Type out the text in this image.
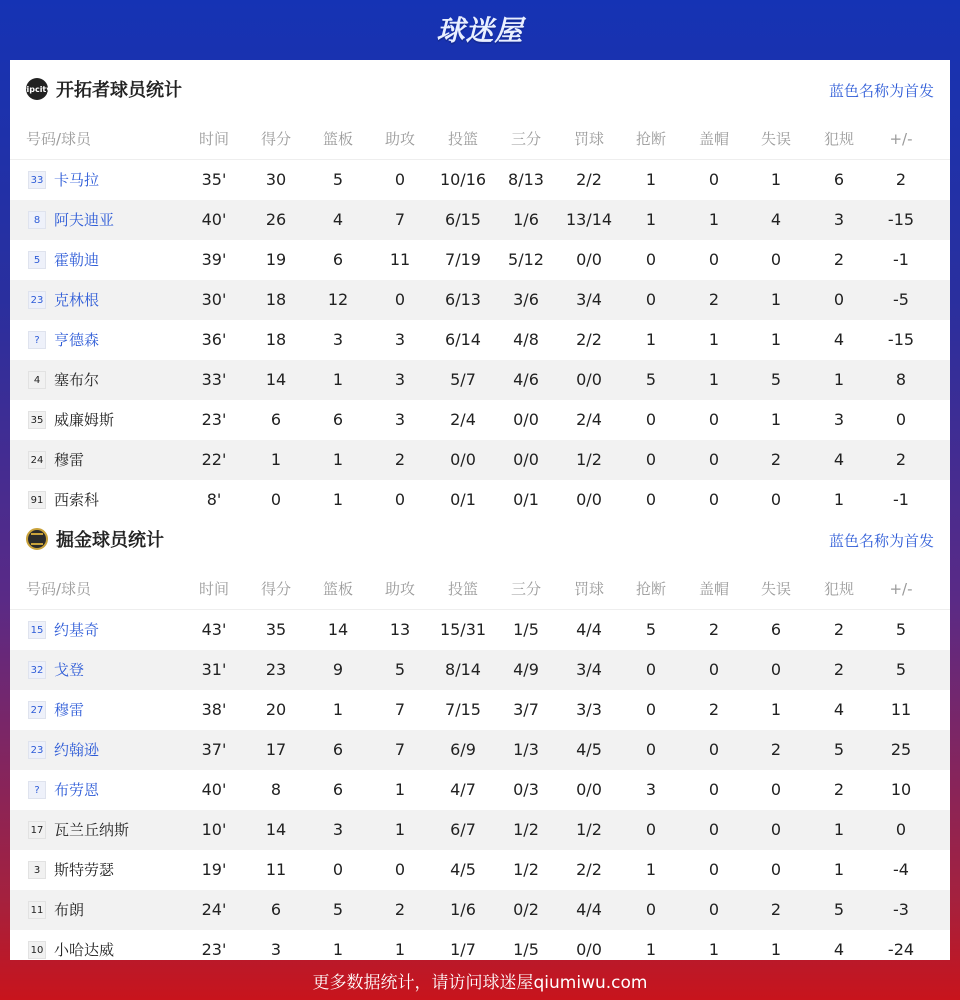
球迷屋
ripcity 开拓者球员统计	蓝色名称为首发
号码/球员	时间	得分	篮板	助攻	投篮	三分	罚球	抢断	盖帽	失误	犯规	+/-
33 卡马拉	35'	30	5	0	10/16	8/13	2/2	1	0	1	6	2
8 阿夫迪亚	40'	26	4	7	6/15	1/6	13/14	1	1	4	3	-15
5 霍勒迪	39'	19	6	11	7/19	5/12	0/0	0	0	0	2	-1
23 克林根	30'	18	12	0	6/13	3/6	3/4	0	2	1	0	-5
? 亨德森	36'	18	3	3	6/14	4/8	2/2	1	1	1	4	-15
4 塞布尔	33'	14	1	3	5/7	4/6	0/0	5	1	5	1	8
35 威廉姆斯	23'	6	6	3	2/4	0/0	2/4	0	0	1	3	0
24 穆雷	22'	1	1	2	0/0	0/0	1/2	0	0	2	4	2
91 西索科	8'	0	1	0	0/1	0/1	0/0	0	0	0	1	-1
掘金球员统计	蓝色名称为首发
号码/球员	时间	得分	篮板	助攻	投篮	三分	罚球	抢断	盖帽	失误	犯规	+/-
15 约基奇	43'	35	14	13	15/31	1/5	4/4	5	2	6	2	5
32 戈登	31'	23	9	5	8/14	4/9	3/4	0	0	0	2	5
27 穆雷	38'	20	1	7	7/15	3/7	3/3	0	2	1	4	11
23 约翰逊	37'	17	6	7	6/9	1/3	4/5	0	0	2	5	25
? 布劳恩	40'	8	6	1	4/7	0/3	0/0	3	0	0	2	10
17 瓦兰丘纳斯	10'	14	3	1	6/7	1/2	1/2	0	0	0	1	0
3 斯特劳瑟	19'	11	0	0	4/5	1/2	2/2	1	0	0	1	-4
11 布朗	24'	6	5	2	1/6	0/2	4/4	0	0	2	5	-3
10 小哈达威	23'	3	1	1	1/7	1/5	0/0	1	1	1	4	-24
更多数据统计，请访问球迷屋qiumiwu.com
